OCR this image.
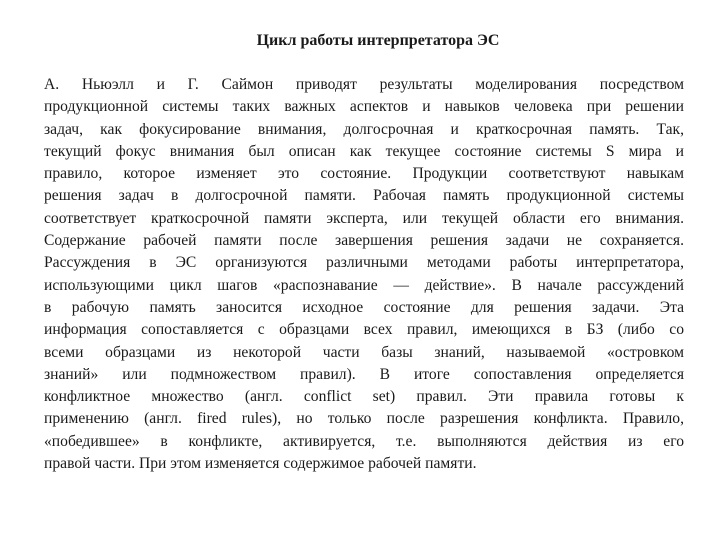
Цикл работы интерпретатора ЭС
А. Ньюэлл и Г. Саймон приводят результаты моделирования посредством
продукционной системы таких важных аспектов и навыков человека при решении
задач, как фокусирование внимания, долгосрочная и краткосрочная память. Так,
текущий фокус внимания был описан как текущее состояние системы S мира и
правило, которое изменяет это состояние. Продукции соответствуют навыкам
решения задач в долгосрочной памяти. Рабочая память продукционной системы
соответствует краткосрочной памяти эксперта, или текущей области его внимания.
Содержание рабочей памяти после завершения решения задачи не сохраняется.
Рассуждения в ЭС организуются различными методами работы интерпретатора,
использующими цикл шагов «распознавание — действие». В начале рассуждений
в рабочую память заносится исходное состояние для решения задачи. Эта
информация сопоставляется с образцами всех правил, имеющихся в БЗ (либо со
всеми образцами из некоторой части базы знаний, называемой «островком
знаний» или подмножеством правил). В итоге сопоставления определяется
конфликтное множество (англ. conflict set) правил. Эти правила готовы к
применению (англ. fired rules), но только после разрешения конфликта. Правило,
«победившее» в конфликте, активируется, т.е. выполняются действия из его
правой части. При этом изменяется содержимое рабочей памяти.
